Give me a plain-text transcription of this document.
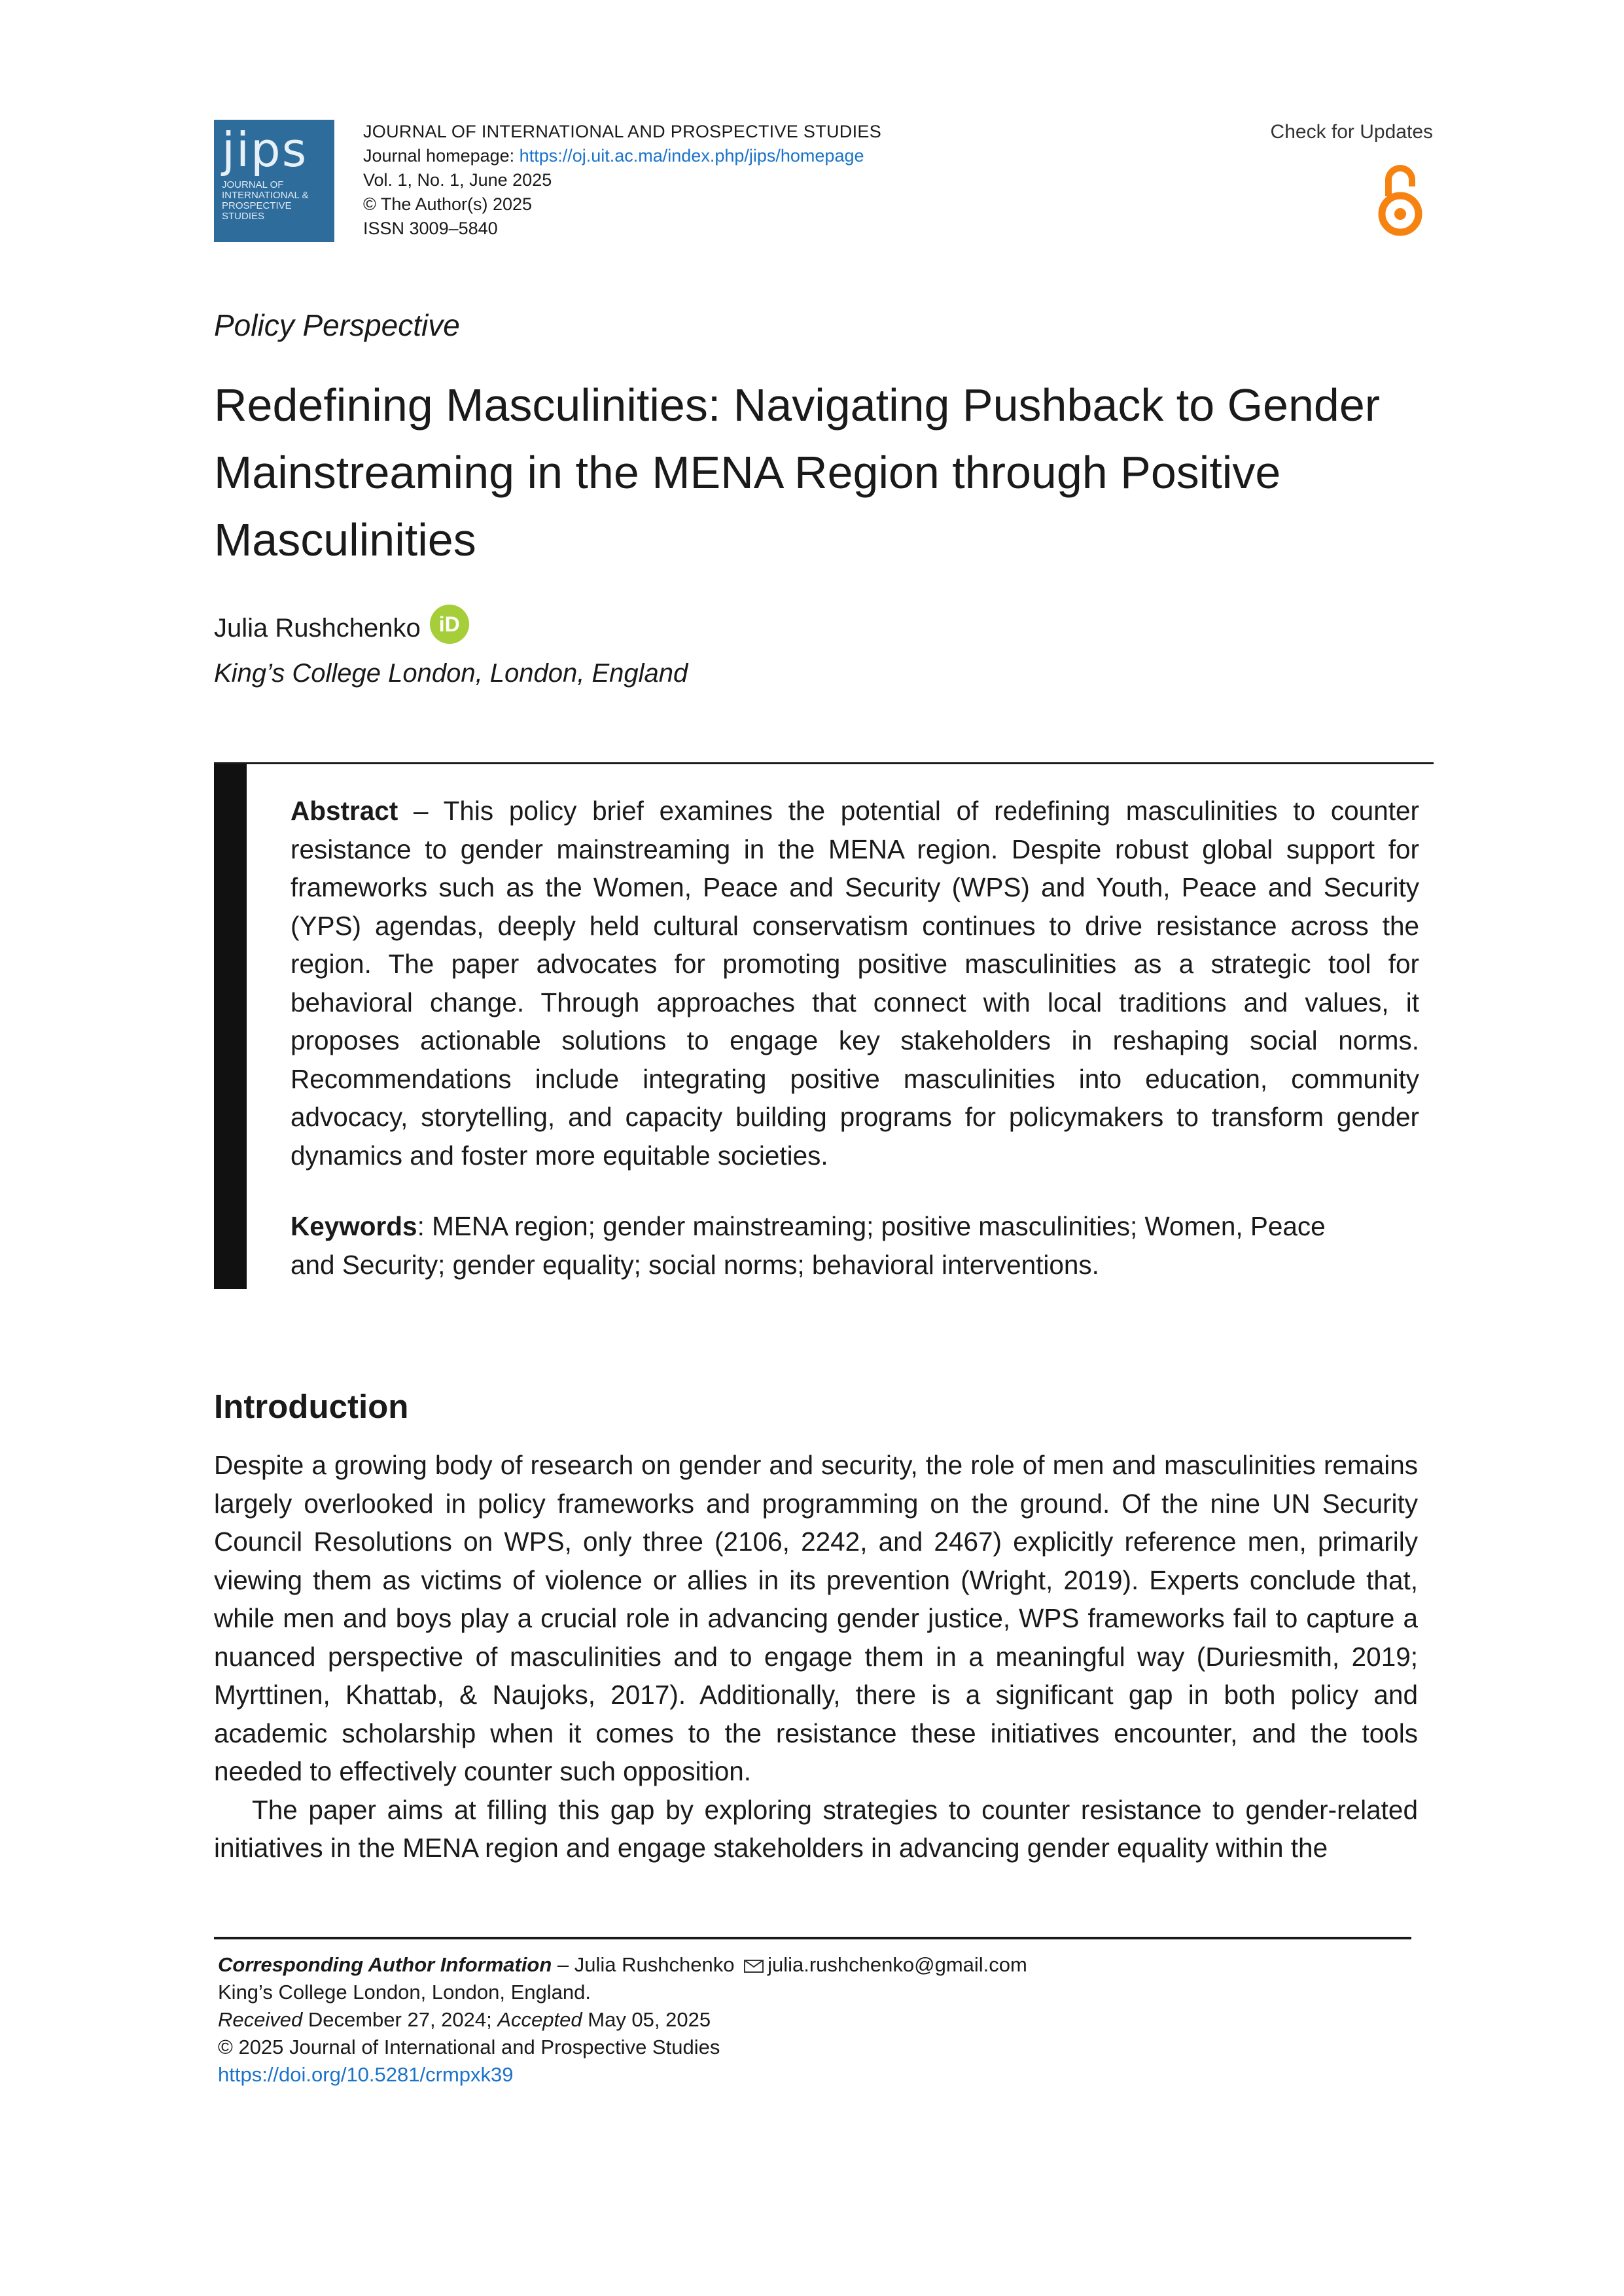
jips
JOURNAL OF INTERNATIONAL & PROSPECTIVE STUDIES
JOURNAL OF INTERNATIONAL AND PROSPECTIVE STUDIES
Journal homepage: https://oj.uit.ac.ma/index.php/jips/homepage
Vol. 1, No. 1, June 2025
© The Author(s) 2025
ISSN 3009–5840
Check for Updates
Policy Perspective
Redefining Masculinities: Navigating Pushback to Gender Mainstreaming in the MENA Region through Positive Masculinities
Julia Rushchenko iD
King’s College London, London, England
Abstract – This policy brief examines the potential of redefining masculinities to counter resistance to gender mainstreaming in the MENA region. Despite robust global support for frameworks such as the Women, Peace and Security (WPS) and Youth, Peace and Security (YPS) agendas, deeply held cultural conservatism continues to drive resistance across the region. The paper advocates for promoting positive masculinities as a strategic tool for behavioral change. Through approaches that connect with local traditions and values, it proposes actionable solutions to engage key stakeholders in reshaping social norms. Recommendations include integrating positive masculinities into education, community advocacy, storytelling, and capacity building programs for policymakers to transform gender dynamics and foster more equitable societies.
Keywords: MENA region; gender mainstreaming; positive masculinities; Women, Peace
and Security; gender equality; social norms; behavioral interventions.
Introduction

Despite a growing body of research on gender and security, the role of men and masculinities remains largely overlooked in policy frameworks and programming on the ground. Of the nine UN Security Council Resolutions on WPS, only three (2106, 2242, and 2467) explicitly reference men, primarily viewing them as victims of violence or allies in its prevention (Wright, 2019). Experts conclude that, while men and boys play a crucial role in advancing gender justice, WPS frameworks fail to capture a nuanced perspective of masculinities and to engage them in a meaningful way (Duriesmith, 2019; Myrttinen, Khattab, & Naujoks, 2017). Additionally, there is a significant gap in both policy and academic scholarship when it comes to the resistance these initiatives encounter, and the tools needed to effectively counter such opposition.

The paper aims at filling this gap by exploring strategies to counter resistance to gender-related initiatives in the MENA region and engage stakeholders in advancing gender equality within the

Corresponding Author Information – Julia Rushchenko julia.rushchenko@gmail.com
King’s College London, London, England.
Received December 27, 2024; Accepted May 05, 2025
© 2025 Journal of International and Prospective Studies
https://doi.org/10.5281/crmpxk39
